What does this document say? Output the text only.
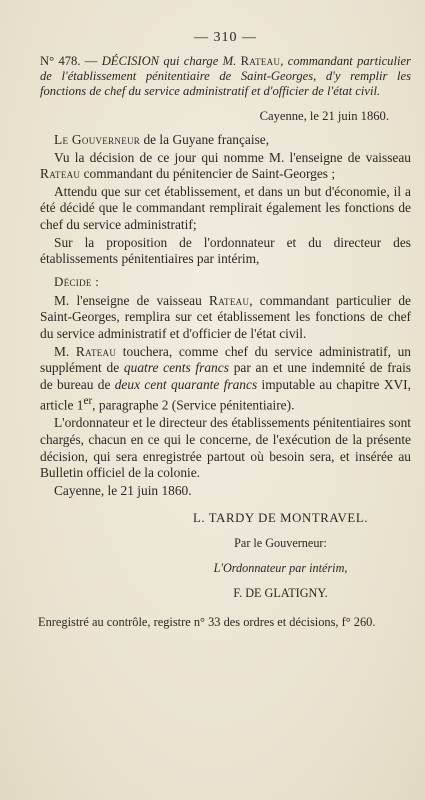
— 310 —

N° 478. — DÉCISION qui charge M. Rateau, commandant particulier de l'établissement pénitentiaire de Saint-Georges, d'y remplir les fonctions de chef du service administratif et d'officier de l'état civil.

Cayenne, le 21 juin 1860.

Le Gouverneur de la Guyane française,

Vu la décision de ce jour qui nomme M. l'enseigne de vaisseau Rateau commandant du pénitencier de Saint-Georges ;

Attendu que sur cet établissement, et dans un but d'économie, il a été décidé que le commandant remplirait également les fonctions de chef du service administratif;

Sur la proposition de l'ordonnateur et du directeur des établissements pénitentiaires par intérim,

Décide :

M. l'enseigne de vaisseau Rateau, commandant particulier de Saint-Georges, remplira sur cet établissement les fonctions de chef du service administratif et d'officier de l'état civil.

M. Rateau touchera, comme chef du service administratif, un supplément de quatre cents francs par an et une indemnité de frais de bureau de deux cent quarante francs imputable au chapitre XVI, article 1er, paragraphe 2 (Service pénitentiaire).

L'ordonnateur et le directeur des établissements pénitentiaires sont chargés, chacun en ce qui le concerne, de l'exécution de la présente décision, qui sera enregistrée partout où besoin sera, et insérée au Bulletin officiel de la colonie.

Cayenne, le 21 juin 1860.
L. TARDY DE MONTRAVEL.
Par le Gouverneur:
L'Ordonnateur par intérim,
F. DE GLATIGNY.
Enregistré au contrôle, registre n° 33 des ordres et décisions, f° 260.
